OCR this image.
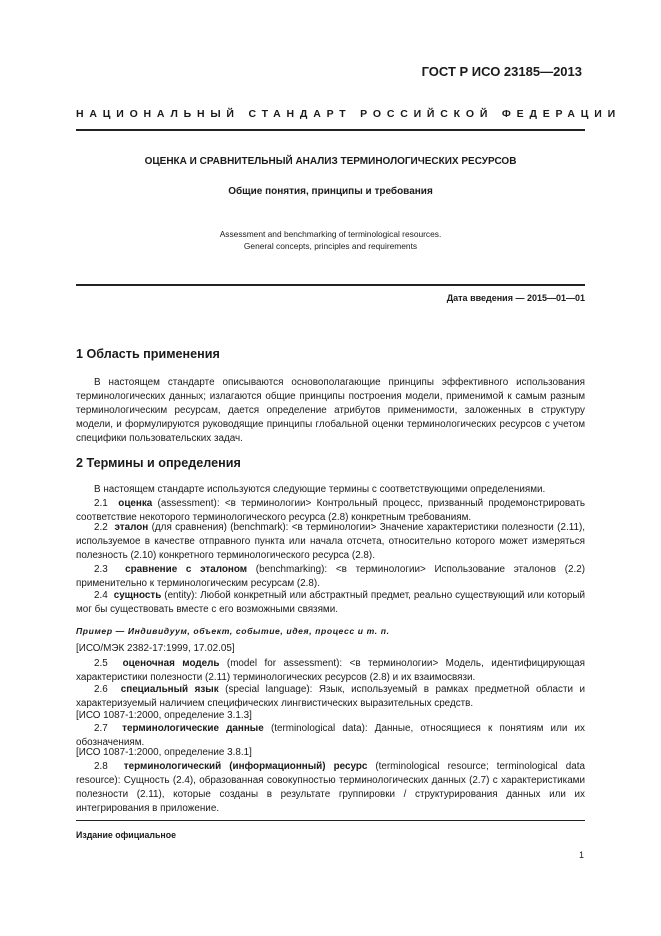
ГОСТ Р ИСО 23185—2013
НАЦИОНАЛЬНЫЙ СТАНДАРТ РОССИЙСКОЙ ФЕДЕРАЦИИ
ОЦЕНКА И СРАВНИТЕЛЬНЫЙ АНАЛИЗ ТЕРМИНОЛОГИЧЕСКИХ РЕСУРСОВ
Общие понятия, принципы и требования
Assessment and benchmarking of terminological resources.
General concepts, principles and requirements
Дата введения — 2015—01—01
1 Область применения

В настоящем стандарте описываются основополагающие принципы эффективного использования терминологических данных; излагаются общие принципы построения модели, применимой к самым разным терминологическим ресурсам, дается определение атрибутов применимости, заложенных в структуру модели, и формулируются руководящие принципы глобальной оценки терминологических ресурсов с учетом специфики пользовательских задач.

2 Термины и определения

В настоящем стандарте используются следующие термины с соответствующими определениями.

2.1 оценка (assessment): <в терминологии> Контрольный процесс, призванный продемонстрировать соответствие некоторого терминологического ресурса (2.8) конкретным требованиям.

2.2 эталон (для сравнения) (benchmark): <в терминологии> Значение характеристики полезности (2.11), используемое в качестве отправного пункта или начала отсчета, относительно которого может измеряться полезность (2.10) конкретного терминологического ресурса (2.8).

2.3 сравнение с эталоном (benchmarking): <в терминологии> Использование эталонов (2.2) применительно к терминологическим ресурсам (2.8).

2.4 сущность (entity): Любой конкретный или абстрактный предмет, реально существующий или который мог бы существовать вместе с его возможными связями.

Пример — Индивидуум, объект, событие, идея, процесс и т. п.

[ИСО/МЭК 2382-17:1999, 17.02.05]

2.5 оценочная модель (model for assessment): <в терминологии> Модель, идентифицирующая характеристики полезности (2.11) терминологических ресурсов (2.8) и их взаимосвязи.

2.6 специальный язык (special language): Язык, используемый в рамках предметной области и характеризуемый наличием специфических лингвистических выразительных средств.

[ИСО 1087-1:2000, определение 3.1.3]

2.7 терминологические данные (terminological data): Данные, относящиеся к понятиям или их обозначениям.

[ИСО 1087-1:2000, определение 3.8.1]

2.8 терминологический (информационный) ресурс (terminological resource; terminological data resource): Сущность (2.4), образованная совокупностью терминологических данных (2.7) с характеристиками полезности (2.11), которые созданы в результате группировки / структурирования данных или их интегрирования в приложение.

Издание официальное
1
